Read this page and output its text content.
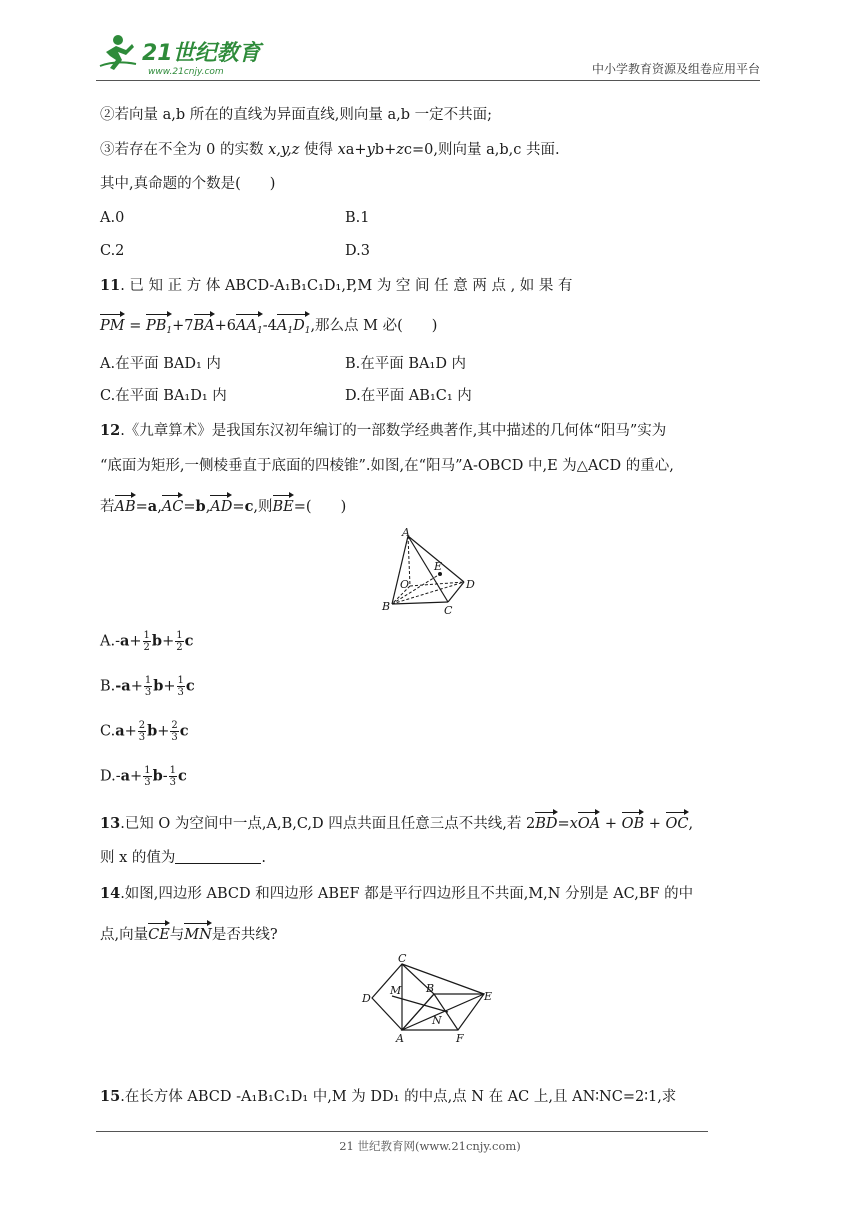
21世纪教育
www.21cnjy.com	中小学教育资源及组卷应用平台
②若向量 a,b 所在的直线为异面直线,则向量 a,b 一定不共面;
③若存在不全为 0 的实数 x,y,z 使得 xa+yb+zc=0,则向量 a,b,c 共面.
其中,真命题的个数是(　　)
A.0	B.1
C.2	D.3
11. 已 知 正 方 体 ABCD-A₁B₁C₁D₁,P,M 为 空 间 任 意 两 点 , 如 果 有
PM = $PB_1+7BA+6AA_1-4A_1D_1$,那么点 M 必(　　)
A.在平面 BAD₁ 内	B.在平面 BA₁D 内
C.在平面 BA₁D₁ 内	D.在平面 AB₁C₁ 内
12.《九章算术》是我国东汉初年编订的一部数学经典著作,其中描述的几何体“阳马”实为
“底面为矩形,一侧棱垂直于底面的四棱锥”.如图,在“阳马”A-OBCD 中,E 为△ACD 的重心,
若AB=a,AC=b,AD=c,则BE=(　　)
A
O
E
D
B	C
$A.-a+ \frac{1}{2} b+ \frac{1}{2}$ c
$B.-a+ \frac{1}{3} b+ \frac{1}{3}$ c
$C.a+ \frac{2}{3} b+ \frac{2}{3}$ c
$D.-a+ \frac{1}{3} b- \frac{1}{3}$ c
13.已知 O 为空间中一点,A,B,C,D 四点共面且任意三点不共线,若 2BD=xOA + OB + OC,
则 x 的值为	.
14.如图,四边形 ABCD 和四边形 ABEF 都是平行四边形且不共面,M,N 分别是 AC,BF 的中
点,向量CE与MN是否共线?
C
D
M B
E
N
A	F
15.在长方体 ABCD -A₁B₁C₁D₁ 中,M 为 DD₁ 的中点,点 N 在 AC 上,且 AN∶NC=2∶1,求
21 世纪教育网(www.21cnjy.com)
